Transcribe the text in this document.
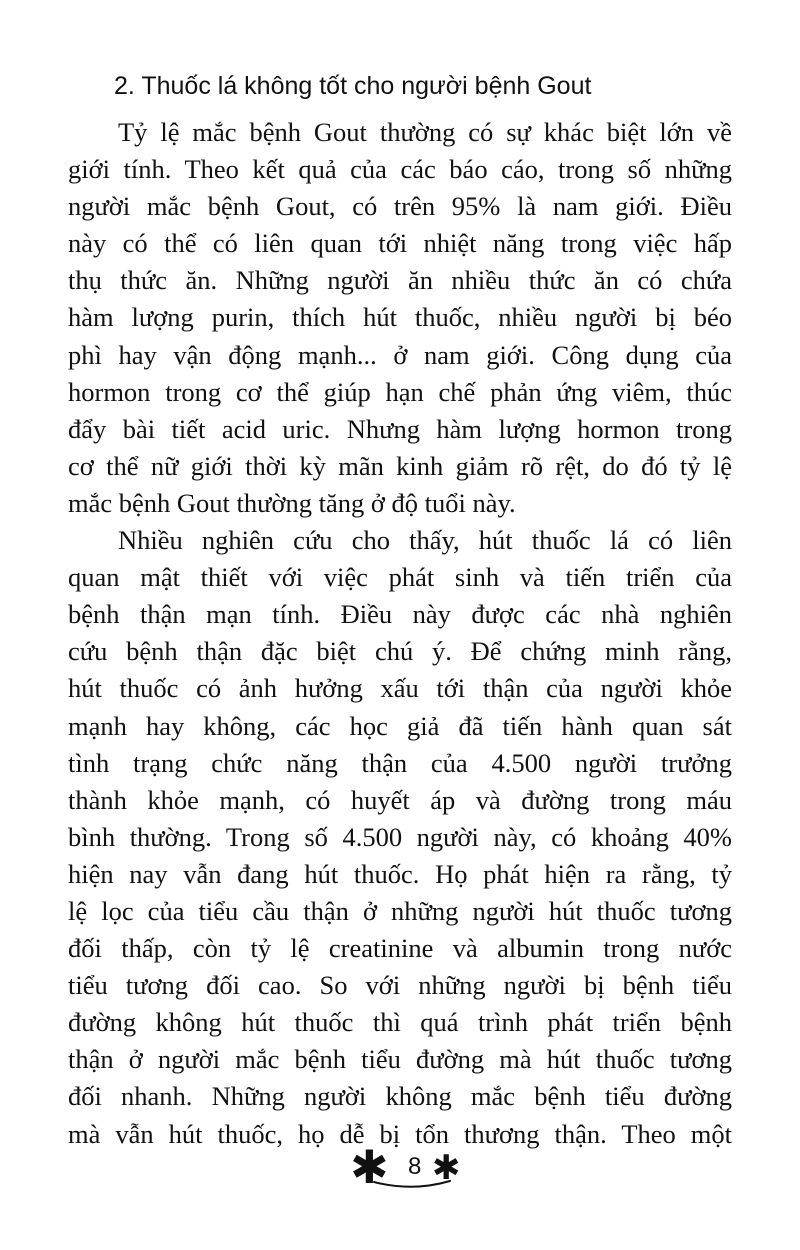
2. Thuốc lá không tốt cho người bệnh Gout
Tỷ lệ mắc bệnh Gout thường có sự khác biệt lớn về
giới tính. Theo kết quả của các báo cáo, trong số những
người mắc bệnh Gout, có trên 95% là nam giới. Điều
này có thể có liên quan tới nhiệt năng trong việc hấp
thụ thức ăn. Những người ăn nhiều thức ăn có chứa
hàm lượng purin, thích hút thuốc, nhiều người bị béo
phì hay vận động mạnh... ở nam giới. Công dụng của
hormon trong cơ thể giúp hạn chế phản ứng viêm, thúc
đẩy bài tiết acid uric. Nhưng hàm lượng hormon trong
cơ thể nữ giới thời kỳ mãn kinh giảm rõ rệt, do đó tỷ lệ
mắc bệnh Gout thường tăng ở độ tuổi này.
Nhiều nghiên cứu cho thấy, hút thuốc lá có liên
quan mật thiết với việc phát sinh và tiến triển của
bệnh thận mạn tính. Điều này được các nhà nghiên
cứu bệnh thận đặc biệt chú ý. Để chứng minh rằng,
hút thuốc có ảnh hưởng xấu tới thận của người khỏe
mạnh hay không, các học giả đã tiến hành quan sát
tình trạng chức năng thận của 4.500 người trưởng
thành khỏe mạnh, có huyết áp và đường trong máu
bình thường. Trong số 4.500 người này, có khoảng 40%
hiện nay vẫn đang hút thuốc. Họ phát hiện ra rằng, tỷ
lệ lọc của tiểu cầu thận ở những người hút thuốc tương
đối thấp, còn tỷ lệ creatinine và albumin trong nước
tiểu tương đối cao. So với những người bị bệnh tiểu
đường không hút thuốc thì quá trình phát triển bệnh
thận ở người mắc bệnh tiểu đường mà hút thuốc tương
đối nhanh. Những người không mắc bệnh tiểu đường
mà vẫn hút thuốc, họ dễ bị tổn thương thận. Theo một
✱ 8 ✱
